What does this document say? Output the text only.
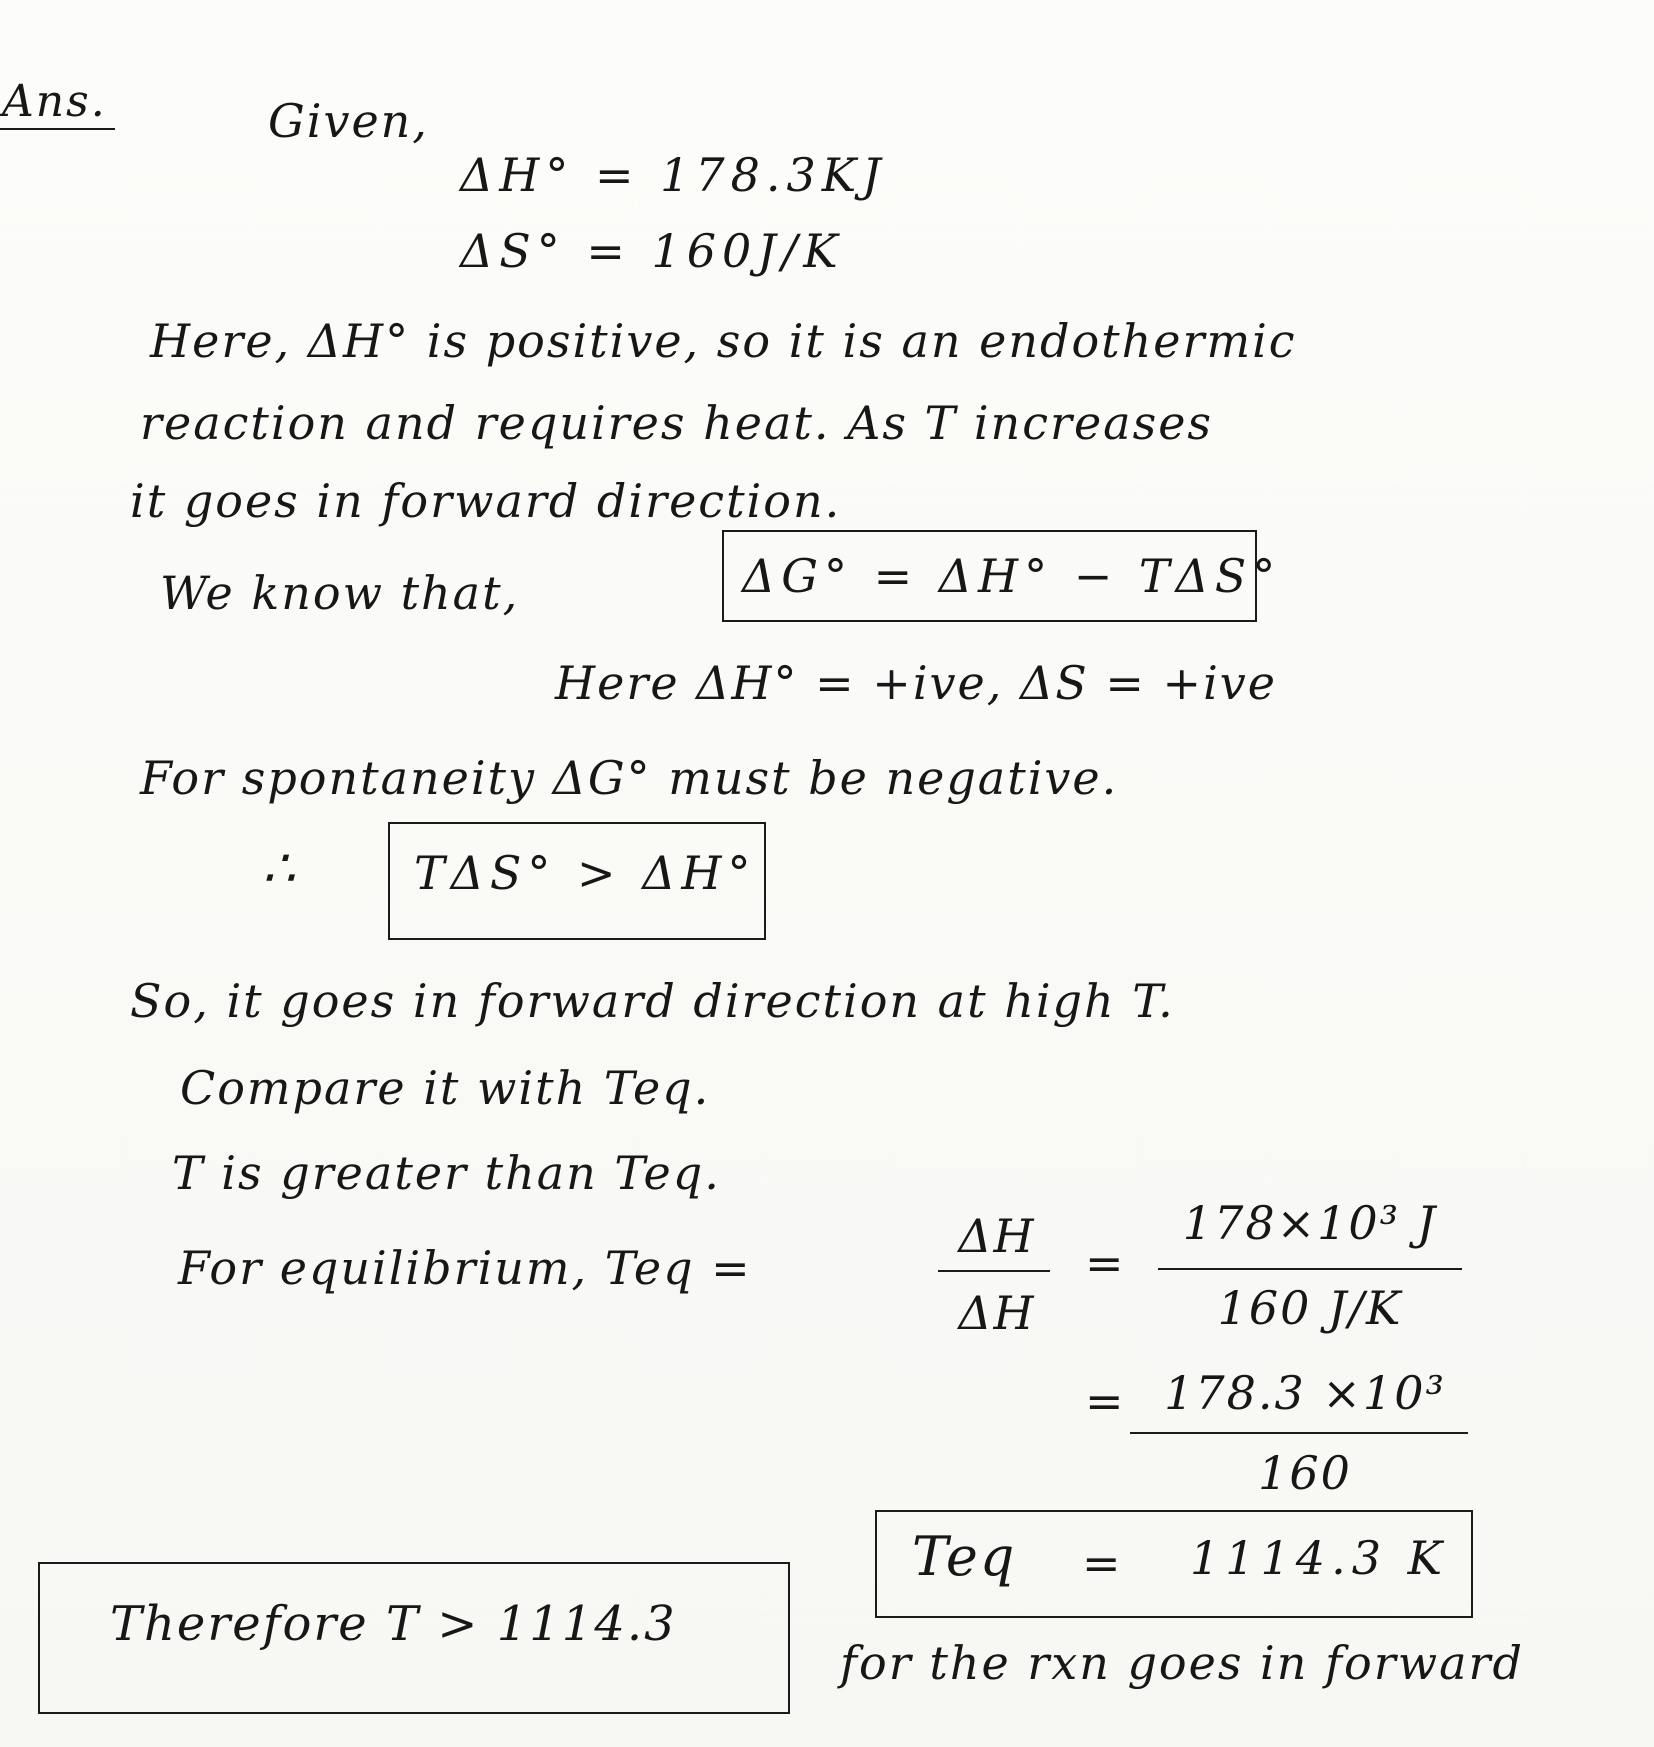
Ans.	Given,
ΔH° = 178.3KJ
ΔS° = 160J/K
Here, ΔH° is positive, so it is an endothermic
reaction and requires heat. As T increases
it goes in forward direction.
We know that,	ΔG° = ΔH° − TΔS°
Here ΔH° = +ive, ΔS = +ive
For spontaneity ΔG° must be negative.
∴	TΔS° > ΔH°
So, it goes in forward direction at high T.
Compare it with Teq.
T is greater than Teq.
For equilibrium, Teq =
ΔH
ΔH
=
178×10³ J
160 J/K
= 178.3 ×10³
160
Teq = 1114.3 K
Therefore T > 1114.3
for the rxn goes in forward
